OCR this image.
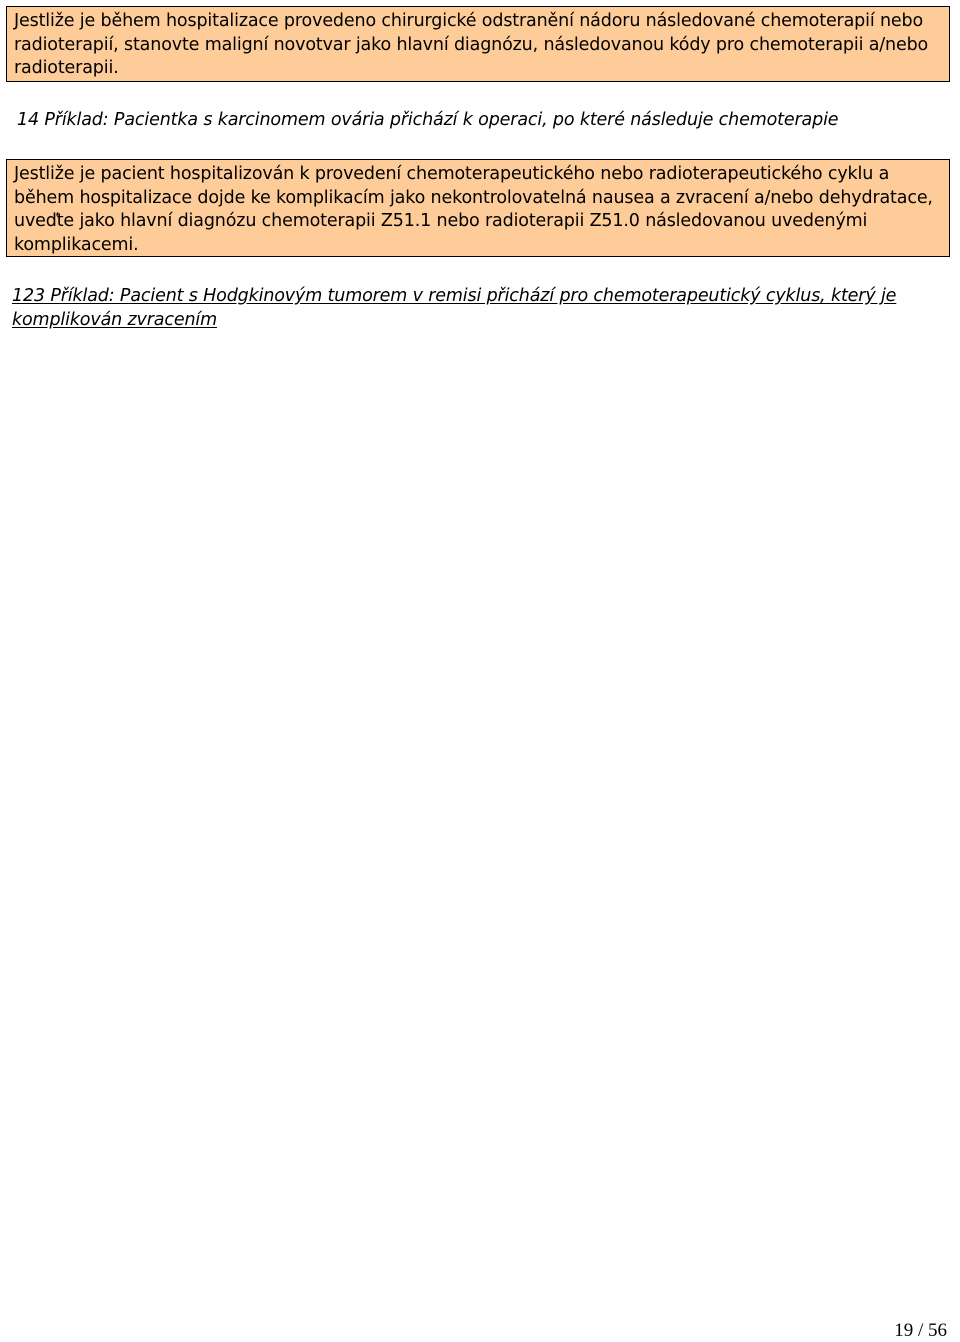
Jestliže je během hospitalizace provedeno chirurgické odstranění nádoru následované chemoterapií nebo radioterapií, stanovte maligní novotvar jako hlavní diagnózu, následovanou kódy pro chemoterapii a/nebo radioterapii.
14 Příklad: Pacientka s karcinomem ovária přichází k operaci, po které následuje chemoterapie
Jestliže je pacient hospitalizován k provedení chemoterapeutického nebo radioterapeutického cyklu a během hospitalizace dojde ke komplikacím jako nekontrolovatelná nausea a zvracení a/nebo dehydratace, uveďte jako hlavní diagnózu chemoterapii Z51.1 nebo radioterapii Z51.0 následovanou uvedenými komplikacemi.
123 Příklad: Pacient s Hodgkinovým tumorem v remisi přichází pro chemoterapeutický cyklus, který je komplikován zvracením
19 / 56
